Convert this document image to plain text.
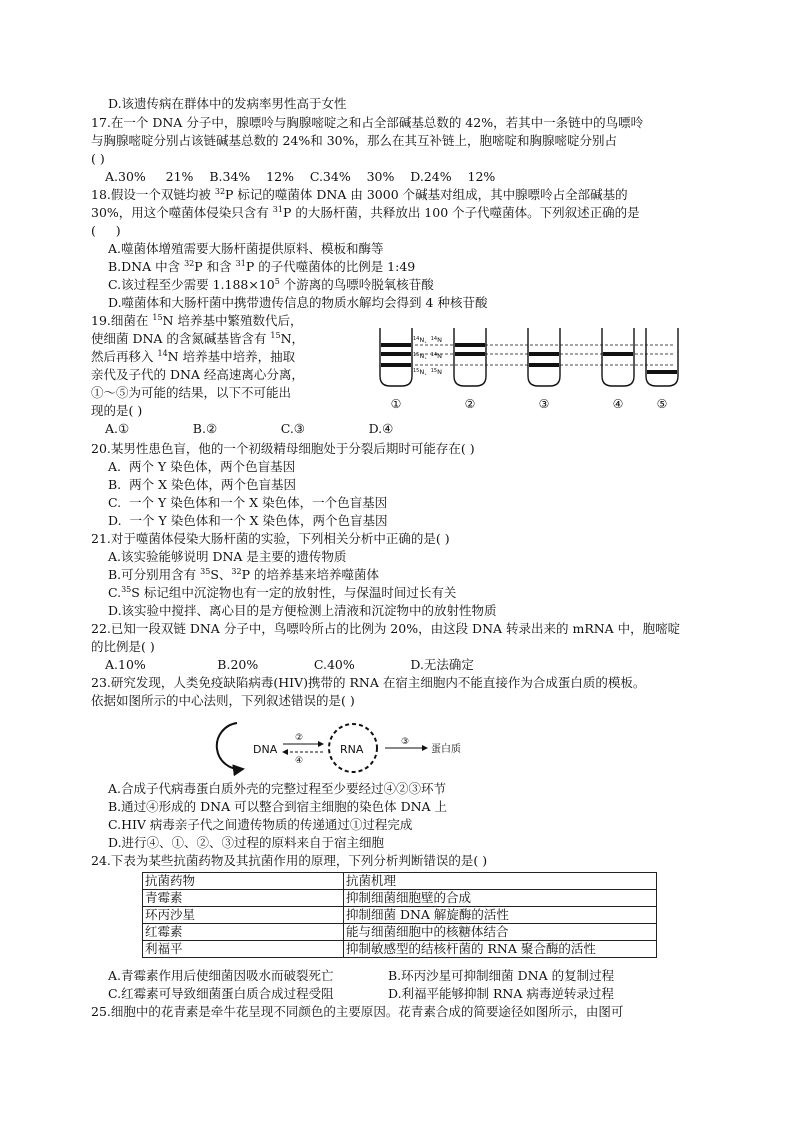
D.该遗传病在群体中的发病率男性高于女性
17.在一个 DNA 分子中，腺嘌呤与胸腺嘧啶之和占全部碱基总数的 42%，若其中一条链中的鸟嘌呤
与胸腺嘧啶分别占该链碱基总数的 24%和 30%，那么在其互补链上，胞嘧啶和胸腺嘧啶分别占
( )
A.30%     21%    B.34%    12%    C.34%    30%    D.24%    12%
18.假设一个双链均被 $^{32}$P 标记的噬菌体 DNA 由 3000 个碱基对组成，其中腺嘌呤占全部碱基的
30%，用这个噬菌体侵染只含有 $^{31}$P 的大肠杆菌，共释放出 100 个子代噬菌体。下列叙述正确的是
(     )
A.噬菌体增殖需要大肠杆菌提供原料、模板和酶等
B.DNA 中含 $^{32}$P 和含 $^{31}$P 的子代噬菌体的比例是 1:49
C.该过程至少需要 $1.188\times 10^5$ 个游离的鸟嘌呤脱氧核苷酸
D.噬菌体和大肠杆菌中携带遗传信息的物质水解均会得到 4 种核苷酸
19.细菌在 $^{15}$N 培养基中繁殖数代后，
使细菌 DNA 的含氮碱基皆含有 $^{15}$N，
然后再移入 $^{14}$N 培养基中培养，抽取
亲代及子代的 DNA 经高速离心分离，
①～⑤为可能的结果，以下不可能出
现的是( )
A.①                B.②                C.③                D.④
$^{14}$N、$^{14}$N
$^{15}$N、$^{14}$N
$^{15}$N、$^{15}$N
①	②	③	④	⑤
20.某男性患色盲，他的一个初级精母细胞处于分裂后期时可能存在( )
A.  两个 Y 染色体，两个色盲基因
B.  两个 X 染色体，两个色盲基因
C.  一个 Y 染色体和一个 X 染色体，一个色盲基因
D.  一个 Y 染色体和一个 X 染色体，两个色盲基因
21.对于噬菌体侵染大肠杆菌的实验，下列相关分析中正确的是( )
A.该实验能够说明 DNA 是主要的遗传物质
B.可分别用含有 $^{35}$S、$^{32}$P 的培养基来培养噬菌体
C.$^{35}$S 标记组中沉淀物也有一定的放射性，与保温时间过长有关
D.该实验中搅拌、离心目的是方便检测上清液和沉淀物中的放射性物质
22.已知一段双链 DNA 分子中，鸟嘌呤所占的比例为 20%，由这段 DNA 转录出来的 mRNA 中，胞嘧啶
的比例是( )
A.10%                  B.20%              C.40%              D.无法确定
23.研究发现，人类免疫缺陷病毒(HIV)携带的 RNA 在宿主细胞内不能直接作为合成蛋白质的模板。
依据如图所示的中心法则，下列叙述错误的是( )
DNA
②
④
RNA
③
蛋白质
A.合成子代病毒蛋白质外壳的完整过程至少要经过④②③环节
B.通过④形成的 DNA 可以整合到宿主细胞的染色体 DNA 上
C.HIV 病毒亲子代之间遗传物质的传递通过①过程完成
D.进行④、①、②、③过程的原料来自于宿主细胞
24.下表为某些抗菌药物及其抗菌作用的原理，下列分析判断错误的是( )
抗菌药物	抗菌机理
青霉素	抑制细菌细胞壁的合成
环丙沙星	抑制细菌 DNA 解旋酶的活性
红霉素	能与细菌细胞中的核糖体结合
利福平	抑制敏感型的结核杆菌的 RNA 聚合酶的活性
A.青霉素作用后使细菌因吸水而破裂死亡	B.环丙沙星可抑制细菌 DNA 的复制过程
C.红霉素可导致细菌蛋白质合成过程受阻	D.利福平能够抑制 RNA 病毒逆转录过程
25.细胞中的花青素是牵牛花呈现不同颜色的主要原因。花青素合成的简要途径如图所示，由图可
